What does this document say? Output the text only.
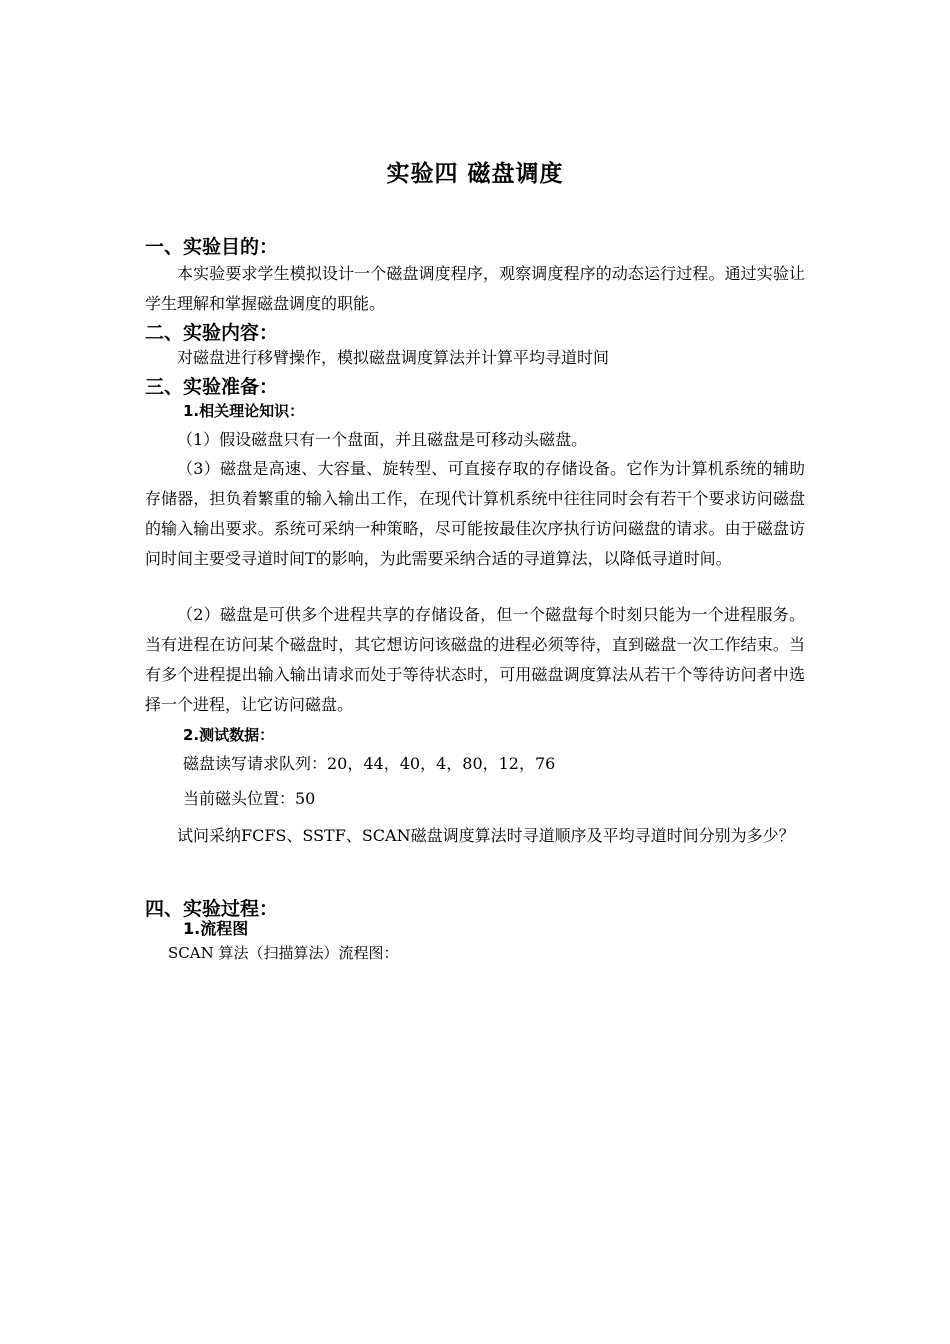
实验四 磁盘调度
一、实验目的：
本实验要求学生模拟设计一个磁盘调度程序，观察调度程序的动态运行过程。通过实验让学生理解和掌握磁盘调度的职能。
二、实验内容：
对磁盘进行移臂操作，模拟磁盘调度算法并计算平均寻道时间
三、实验准备：
1.相关理论知识：
（1）假设磁盘只有一个盘面，并且磁盘是可移动头磁盘。
（3）磁盘是高速、大容量、旋转型、可直接存取的存储设备。它作为计算机系统的辅助存储器，担负着繁重的输入输出工作，在现代计算机系统中往往同时会有若干个要求访问磁盘的输入输出要求。系统可采纳一种策略，尽可能按最佳次序执行访问磁盘的请求。由于磁盘访问时间主要受寻道时间T的影响，为此需要采纳合适的寻道算法，以降低寻道时间。
（2）磁盘是可供多个进程共享的存储设备，但一个磁盘每个时刻只能为一个进程服务。当有进程在访问某个磁盘时，其它想访问该磁盘的进程必须等待，直到磁盘一次工作结束。当有多个进程提出输入输出请求而处于等待状态时，可用磁盘调度算法从若干个等待访问者中选择一个进程，让它访问磁盘。
2.测试数据：
磁盘读写请求队列：20，44，40，4，80，12，76
当前磁头位置：50
试问采纳FCFS、SSTF、SCAN磁盘调度算法时寻道顺序及平均寻道时间分别为多少？
四、实验过程：
1.流程图
SCAN 算法（扫描算法）流程图：
